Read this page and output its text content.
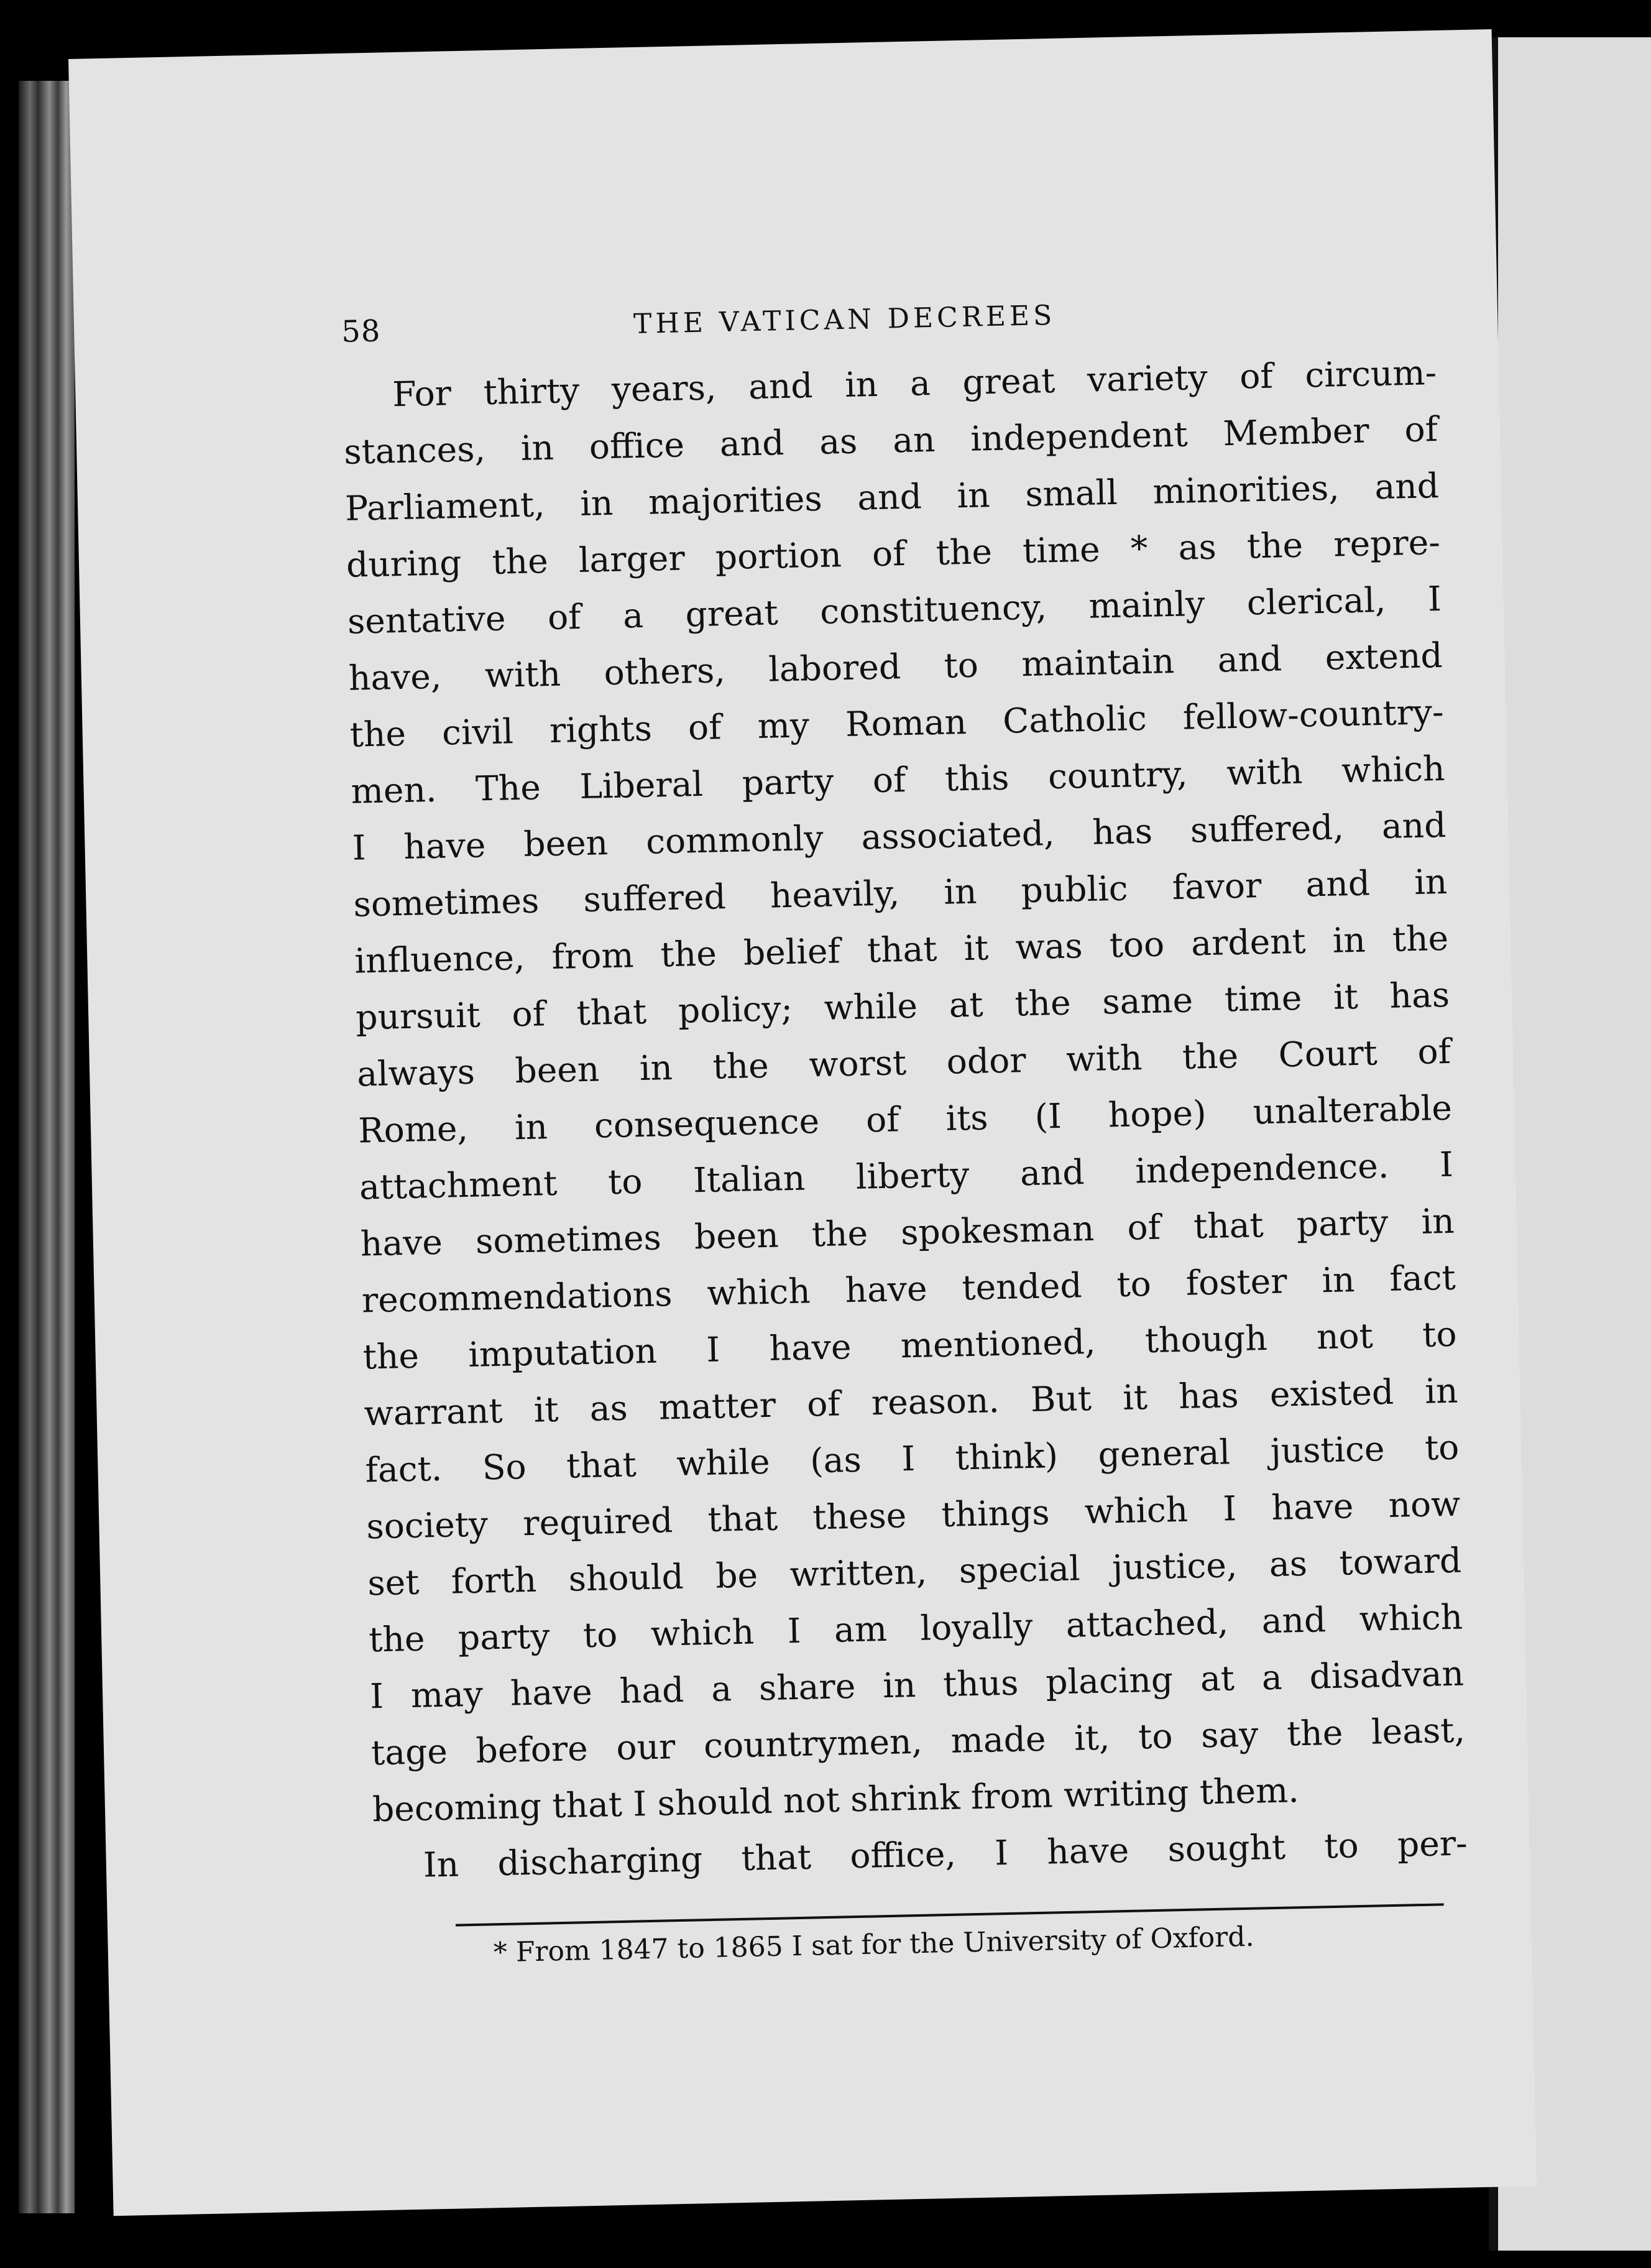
58	THE VATICAN DECREES
For thirty years, and in a great variety of circum-
stances, in office and as an independent Member of
Parliament, in majorities and in small minorities, and
during the larger portion of the time * as the repre-
sentative of a great constituency, mainly clerical, I
have, with others, labored to maintain and extend
the civil rights of my Roman Catholic fellow-country-
men. The Liberal party of this country, with which
I have been commonly associated, has suffered, and
sometimes suffered heavily, in public favor and in
influence, from the belief that it was too ardent in the
pursuit of that policy; while at the same time it has
always been in the worst odor with the Court of
Rome, in consequence of its (I hope) unalterable
attachment to Italian liberty and independence. I
have sometimes been the spokesman of that party in
recommendations which have tended to foster in fact
the imputation I have mentioned, though not to
warrant it as matter of reason. But it has existed in
fact. So that while (as I think) general justice to
society required that these things which I have now
set forth should be written, special justice, as toward
the party to which I am loyally attached, and which
I may have had a share in thus placing at a disadvan
tage before our countrymen, made it, to say the least,
becoming that I should not shrink from writing them.
In discharging that office, I have sought to per-
* From 1847 to 1865 I sat for the University of Oxford.
